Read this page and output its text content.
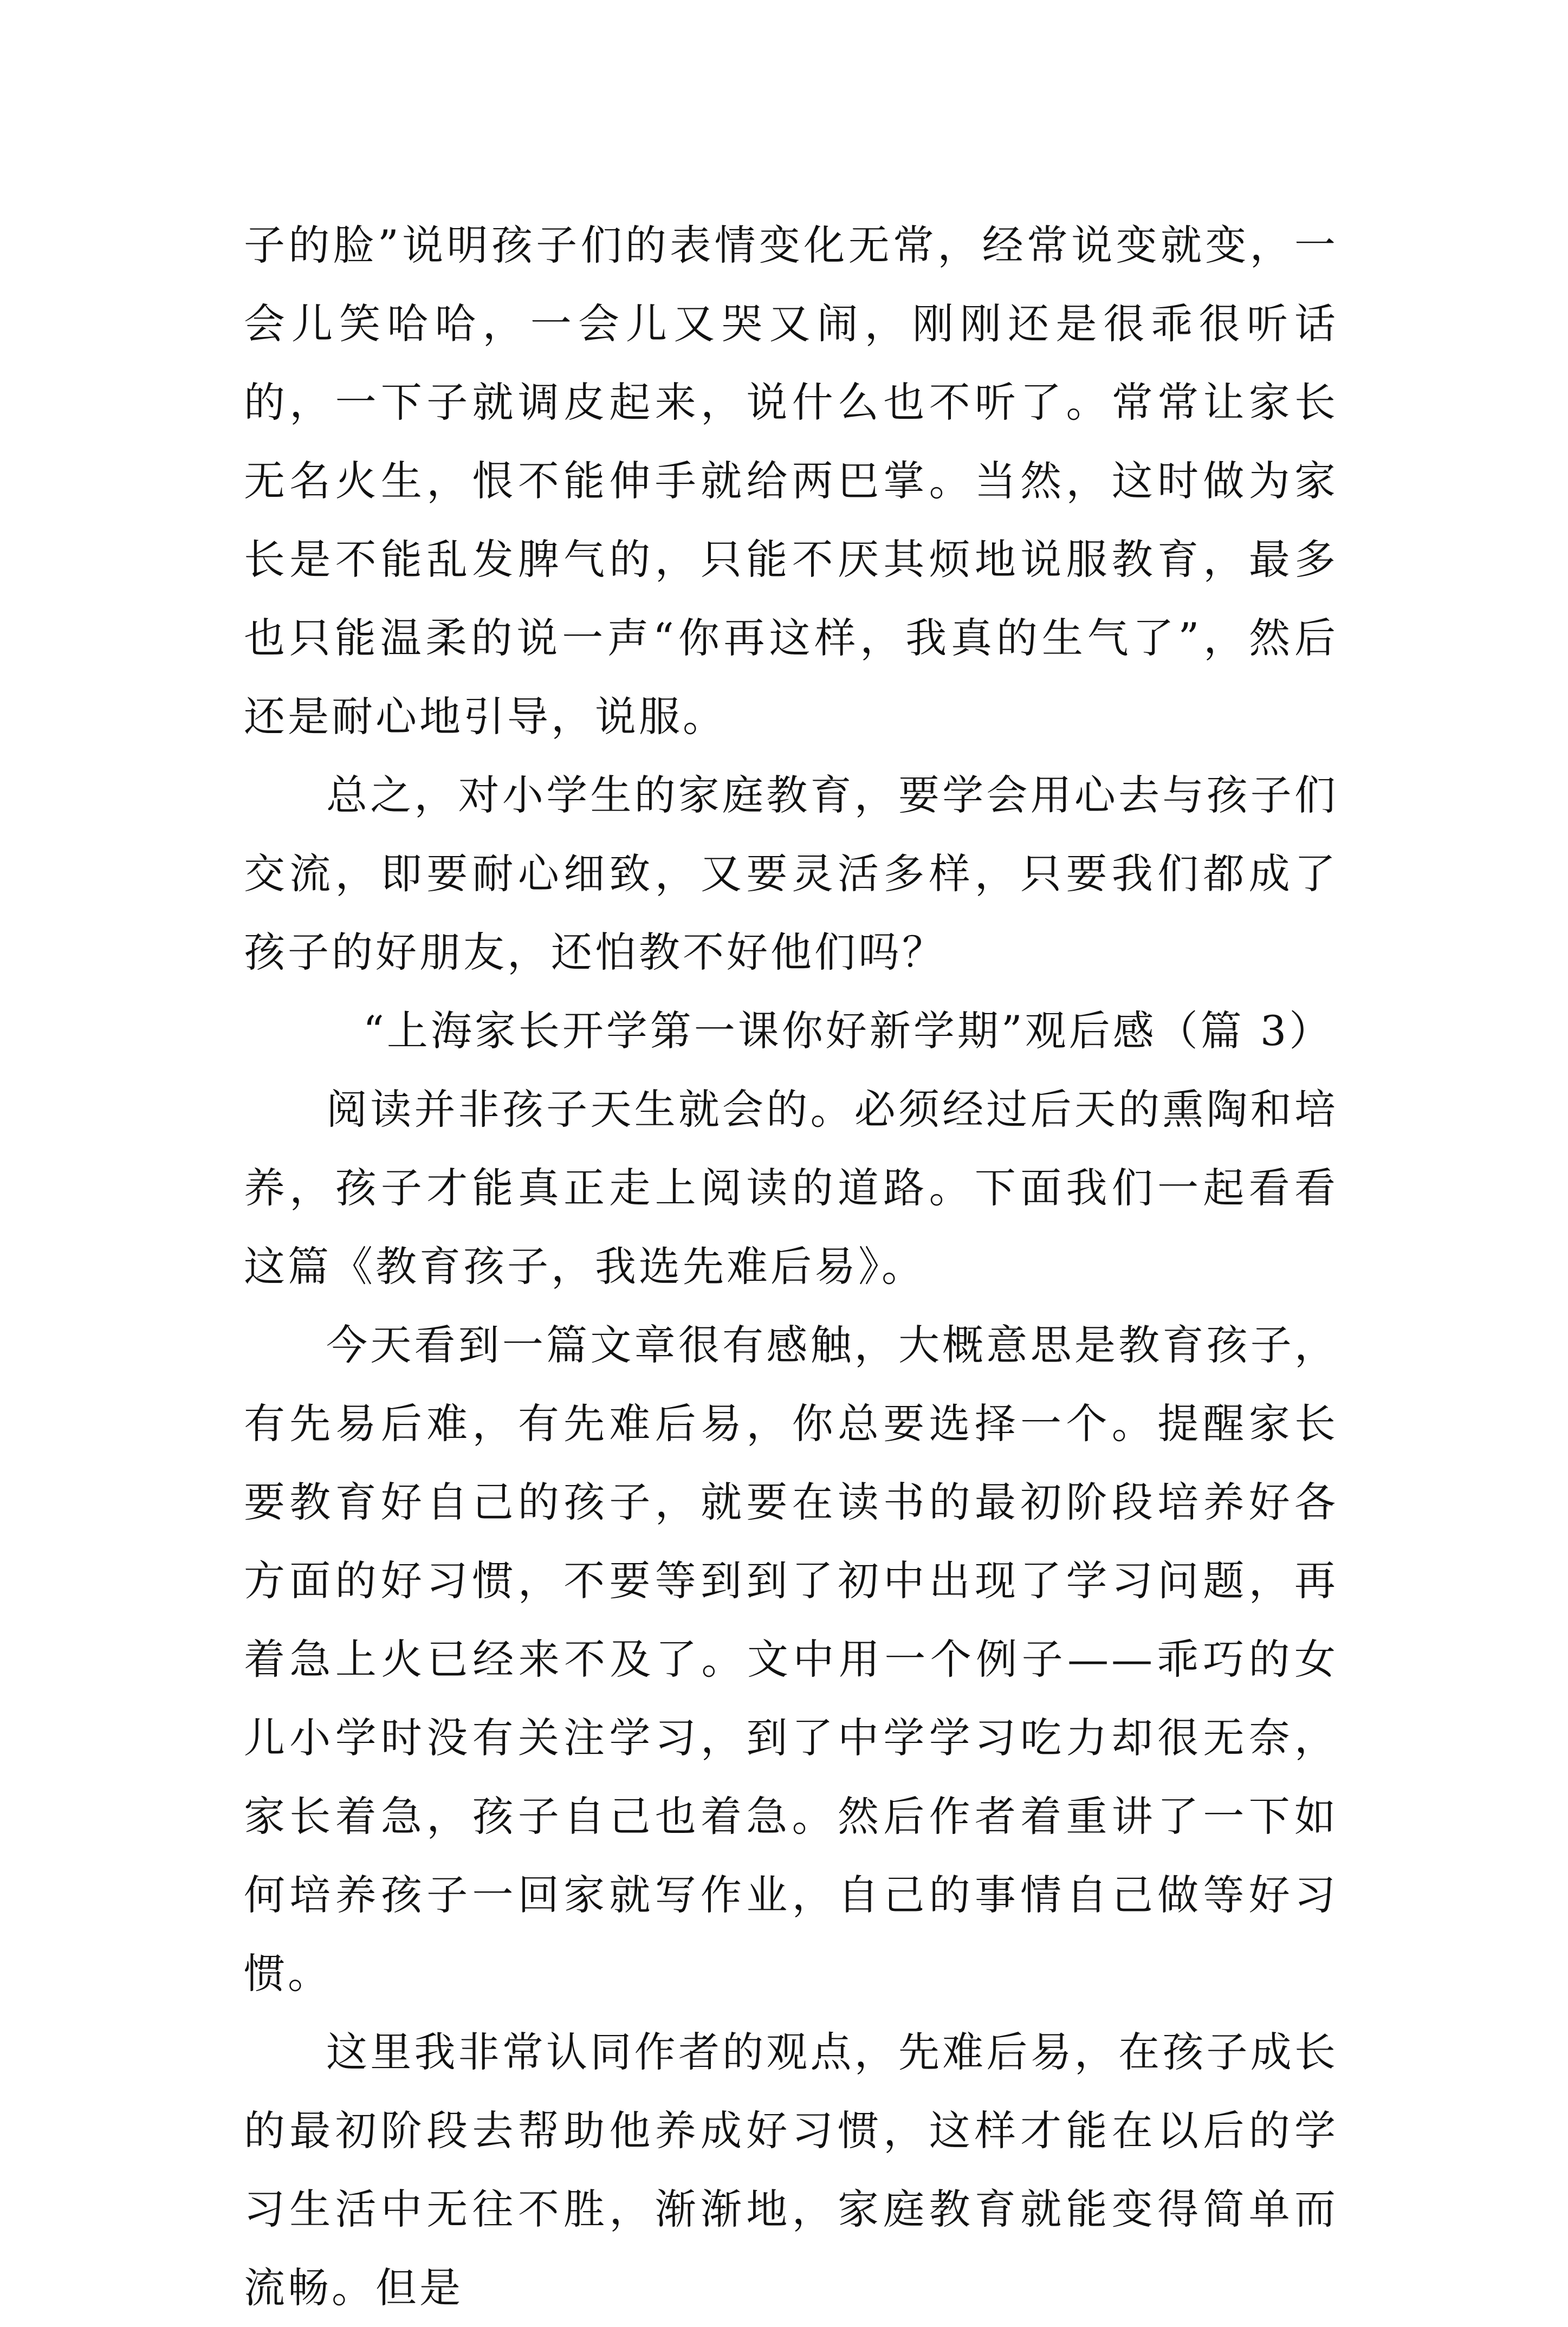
子的脸”说明孩子们的表情变化无常，经常说变就变，一会儿笑哈哈，一会儿又哭又闹，刚刚还是很乖很听话的，一下子就调皮起来，说什么也不听了。常常让家长无名火生，恨不能伸手就给两巴掌。当然，这时做为家长是不能乱发脾气的，只能不厌其烦地说服教育，最多也只能温柔的说一声“你再这样，我真的生气了”，然后还是耐心地引导，说服。

总之，对小学生的家庭教育，要学会用心去与孩子们交流，即要耐心细致，又要灵活多样，只要我们都成了孩子的好朋友，还怕教不好他们吗？

“上海家长开学第一课你好新学期”观后感（篇 3）

阅读并非孩子天生就会的。必须经过后天的熏陶和培养，孩子才能真正走上阅读的道路。下面我们一起看看这篇《教育孩子，我选先难后易》。

今天看到一篇文章很有感触，大概意思是教育孩子，有先易后难，有先难后易，你总要选择一个。提醒家长要教育好自己的孩子，就要在读书的最初阶段培养好各方面的好习惯，不要等到到了初中出现了学习问题，再着急上火已经来不及了。文中用一个例子——乖巧的女儿小学时没有关注学习，到了中学学习吃力却很无奈，家长着急，孩子自己也着急。然后作者着重讲了一下如何培养孩子一回家就写作业，自己的事情自己做等好习惯。

这里我非常认同作者的观点，先难后易，在孩子成长的最初阶段去帮助他养成好习惯，这样才能在以后的学习生活中无往不胜，渐渐地，家庭教育就能变得简单而流畅。但是
